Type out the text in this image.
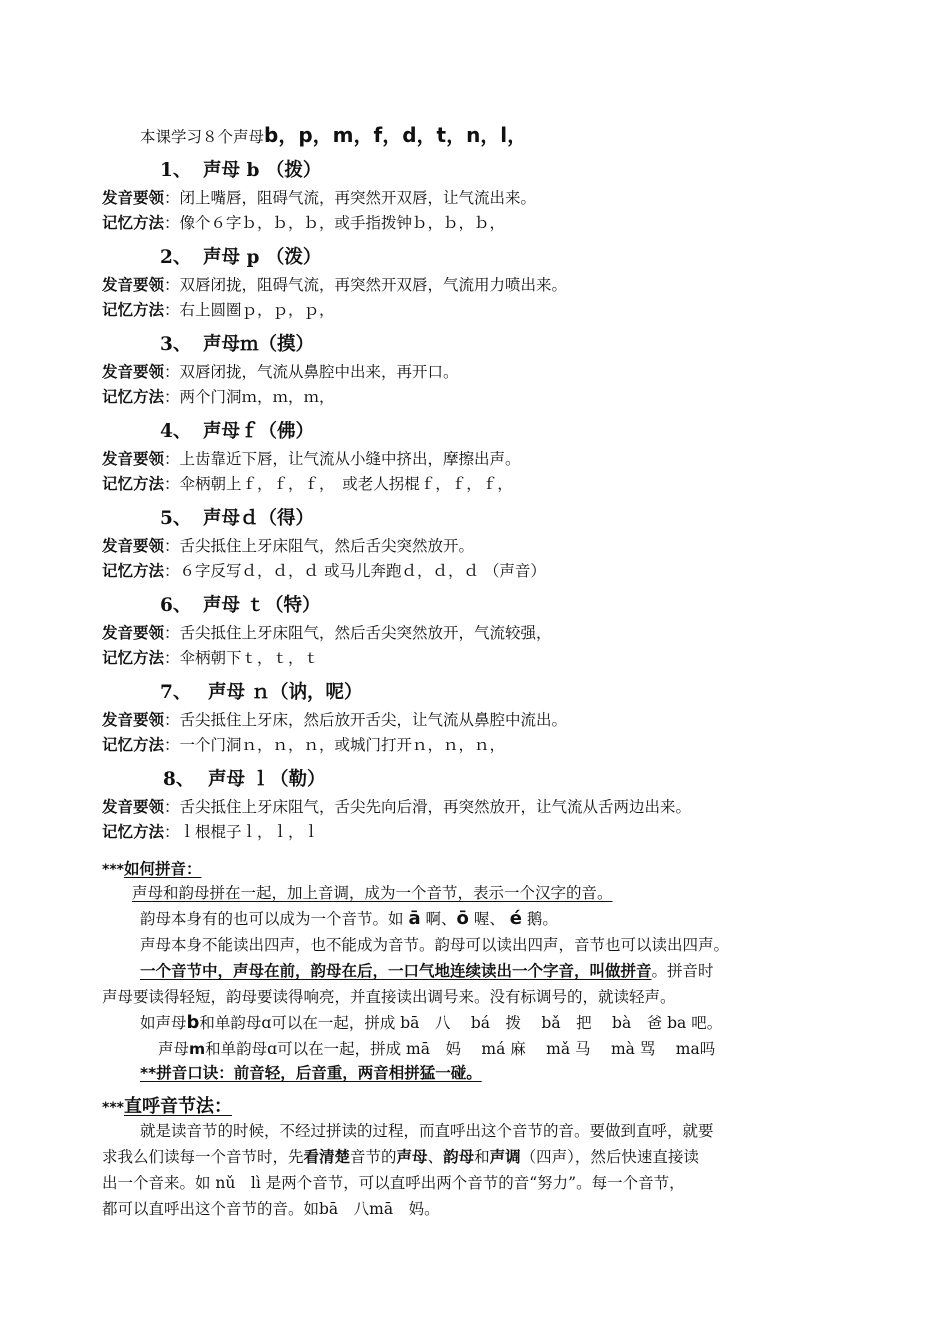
本课学习８个声母b，p，m，f，d，t，n，l，
1、 声母 b （拨）
发音要领：闭上嘴唇，阻碍气流，再突然开双唇，让气流出来。
记忆方法：像个６字ｂ，ｂ，ｂ，或手指拨钟ｂ，ｂ，ｂ，
2、 声母 p （泼）
发音要领：双唇闭拢，阻碍气流，再突然开双唇，气流用力喷出来。
记忆方法：右上圆圈ｐ，ｐ，ｐ，
3、 声母ｍ（摸）
发音要领：双唇闭拢，气流从鼻腔中出来，再开口。
记忆方法：两个门洞ｍ，ｍ，ｍ，
4、 声母ｆ（佛）
发音要领：上齿靠近下唇，让气流从小缝中挤出，摩擦出声。
记忆方法：伞柄朝上ｆ，ｆ，ｆ，　或老人拐棍ｆ，ｆ，ｆ，
5、 声母ｄ（得）
发音要领：舌尖抵住上牙床阻气，然后舌尖突然放开。
记忆方法：６字反写ｄ，ｄ，ｄ 或马儿奔跑ｄ，ｄ，ｄ （声音）
6、 声母 ｔ（特）
发音要领：舌尖抵住上牙床阻气，然后舌尖突然放开，气流较强，
记忆方法：伞柄朝下ｔ，ｔ，ｔ
7、 声母 ｎ（讷，呢）
发音要领：舌尖抵住上牙床，然后放开舌尖，让气流从鼻腔中流出。
记忆方法：一个门洞ｎ，ｎ，ｎ，或城门打开ｎ，ｎ，ｎ，
8、 声母 ｌ（勒）
发音要领：舌尖抵住上牙床阻气，舌尖先向后滑，再突然放开，让气流从舌两边出来。
记忆方法：ｌ根棍子ｌ，ｌ，ｌ
***如何拼音：
声母和韵母拼在一起，加上音调，成为一个音节，表示一个汉字的音。
韵母本身有的也可以成为一个音节。如 ā 啊、ō 喔、 é 鹅。
声母本身不能读出四声，也不能成为音节。韵母可以读出四声，音节也可以读出四声。
一个音节中，声母在前，韵母在后，一口气地连续读出一个字音，叫做拼音。拼音时
声母要读得轻短，韵母要读得响亮，并直接读出调号来。没有标调号的，就读轻声。
如声母b和单韵母ɑ可以在一起，拼成 bā　八　 bá　拨　 bǎ　把　 bà　爸 ba 吧。
声母m和单韵母ɑ可以在一起，拼成 mā　妈　 má 麻　 mǎ 马　 mà 骂　 ma吗
**拼音口诀：前音轻，后音重，两音相拼猛一碰。
***直呼音节法：
就是读音节的时候，不经过拼读的过程，而直呼出这个音节的音。要做到直呼，就要
求我么们读每一个音节时，先看清楚音节的声母、韵母和声调（四声），然后快速直接读
出一个音来。如 nǔ　lì 是两个音节，可以直呼出两个音节的音“努力”。每一个音节，
都可以直呼出这个音节的音。如bā　八mā　妈。
